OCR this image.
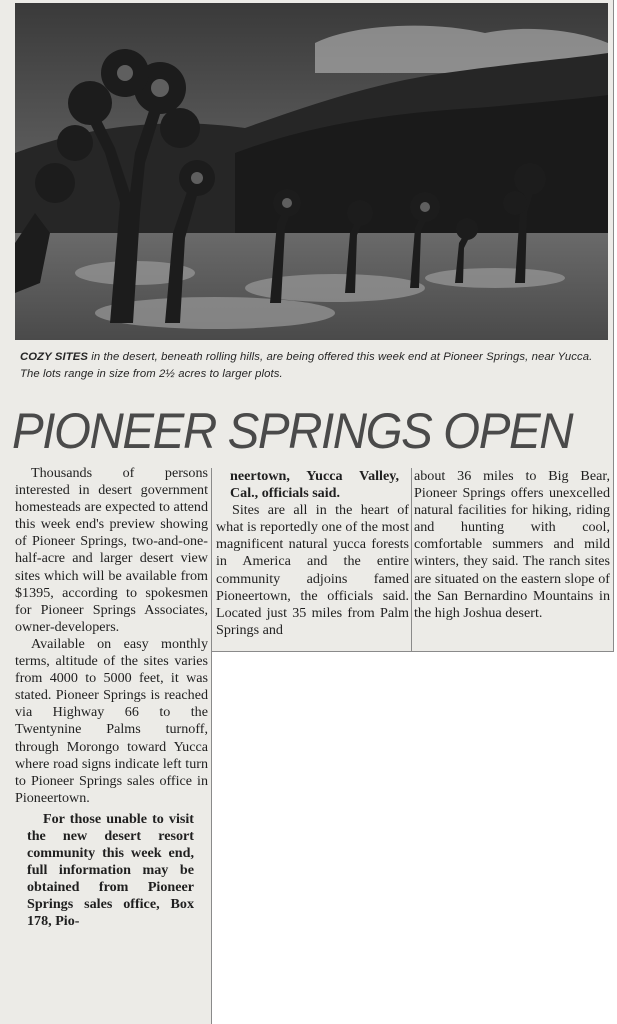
COZY SITES in the desert, beneath rolling hills, are being offered this week end at Pioneer Springs, near Yucca. The lots range in size from 2½ acres to larger plots.
PIONEER SPRINGS OPEN

Thousands of persons interested in desert government homesteads are expected to attend this week end's preview showing of Pioneer Springs, two-and-one-half-acre and larger desert view sites which will be available from $1395, according to spokesmen for Pioneer Springs Associates, owner-developers.

Available on easy monthly terms, altitude of the sites varies from 4000 to 5000 feet, it was stated. Pioneer Springs is reached via Highway 66 to the Twentynine Palms turnoff, through Morongo toward Yucca where road signs indicate left turn to Pioneer Springs sales office in Pioneertown.

For those unable to visit the new desert resort community this week end, full information may be obtained from Pioneer Springs sales office, Box 178, Pio-

neertown, Yucca Valley, Cal., officials said.

Sites are all in the heart of what is reportedly one of the most magnificent natural yucca forests in America and the entire community adjoins famed Pioneertown, the officials said. Located just 35 miles from Palm Springs and

about 36 miles to Big Bear, Pioneer Springs offers unexcelled natural facilities for hiking, riding and hunting with cool, comfortable summers and mild winters, they said. The ranch sites are situated on the eastern slope of the San Bernardino Mountains in the high Joshua desert.
